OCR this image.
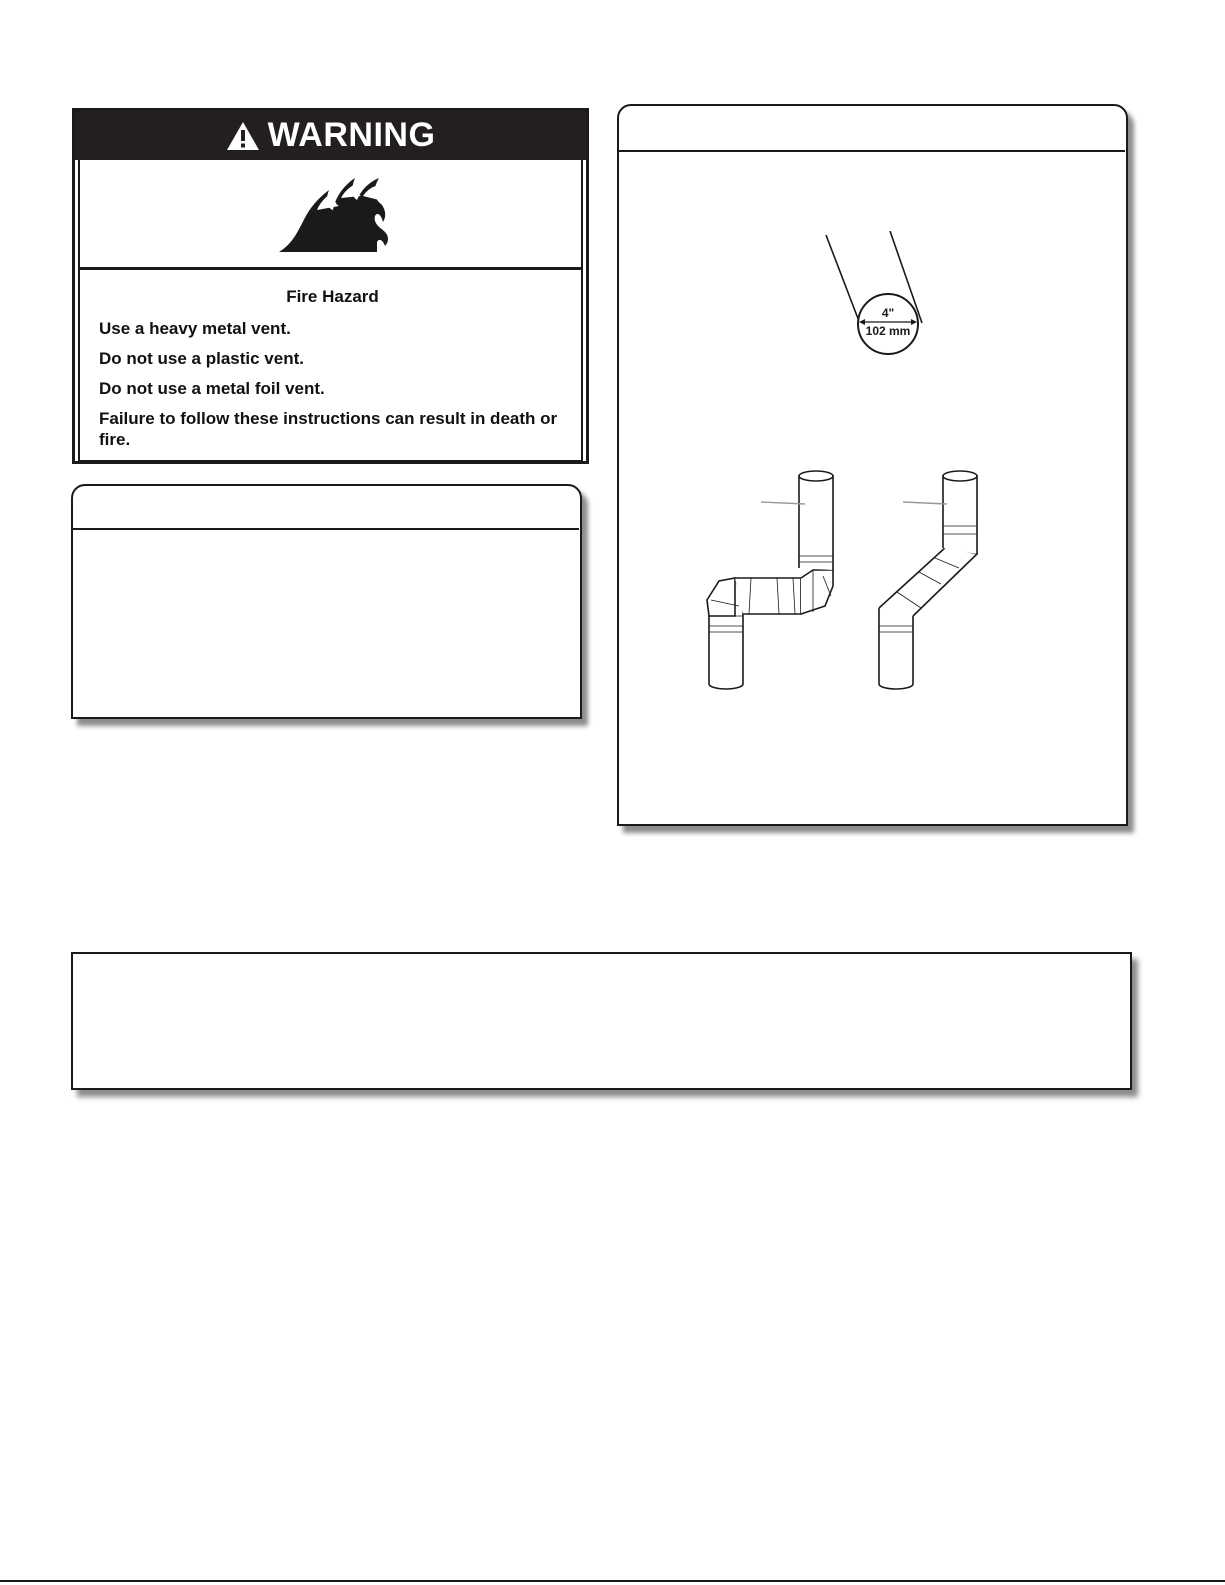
WARNING
Fire Hazard
Use a heavy metal vent.
Do not use a plastic vent.
Do not use a metal foil vent.
Failure to follow these instructions can result in death or fire.
4"
102 mm
